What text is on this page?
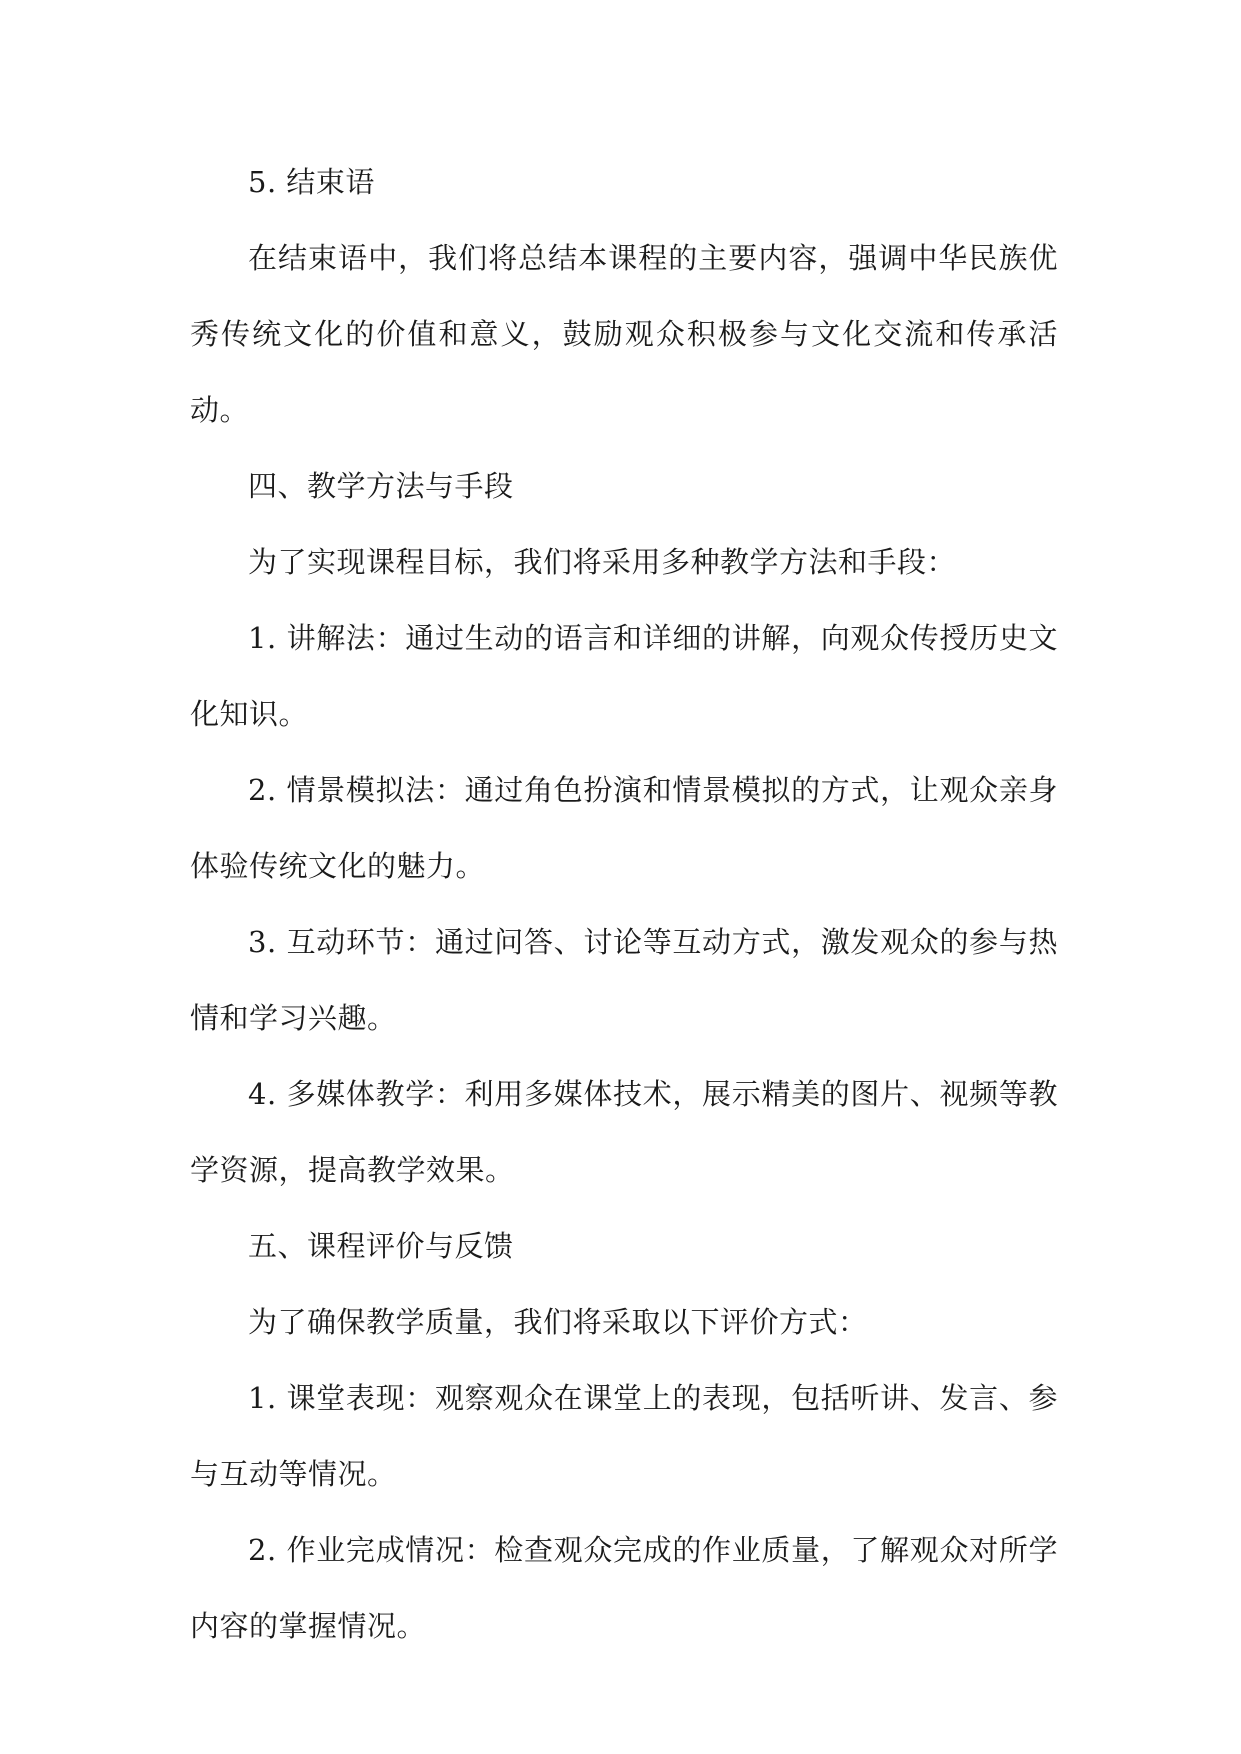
5. 结束语

在结束语中，我们将总结本课程的主要内容，强调中华民族优秀传统文化的价值和意义，鼓励观众积极参与文化交流和传承活动。

四、教学方法与手段

为了实现课程目标，我们将采用多种教学方法和手段：

1. 讲解法：通过生动的语言和详细的讲解，向观众传授历史文化知识。

2. 情景模拟法：通过角色扮演和情景模拟的方式，让观众亲身体验传统文化的魅力。

3. 互动环节：通过问答、讨论等互动方式，激发观众的参与热情和学习兴趣。

4. 多媒体教学：利用多媒体技术，展示精美的图片、视频等教学资源，提高教学效果。

五、课程评价与反馈

为了确保教学质量，我们将采取以下评价方式：

1. 课堂表现：观察观众在课堂上的表现，包括听讲、发言、参与互动等情况。

2. 作业完成情况：检查观众完成的作业质量，了解观众对所学内容的掌握情况。
